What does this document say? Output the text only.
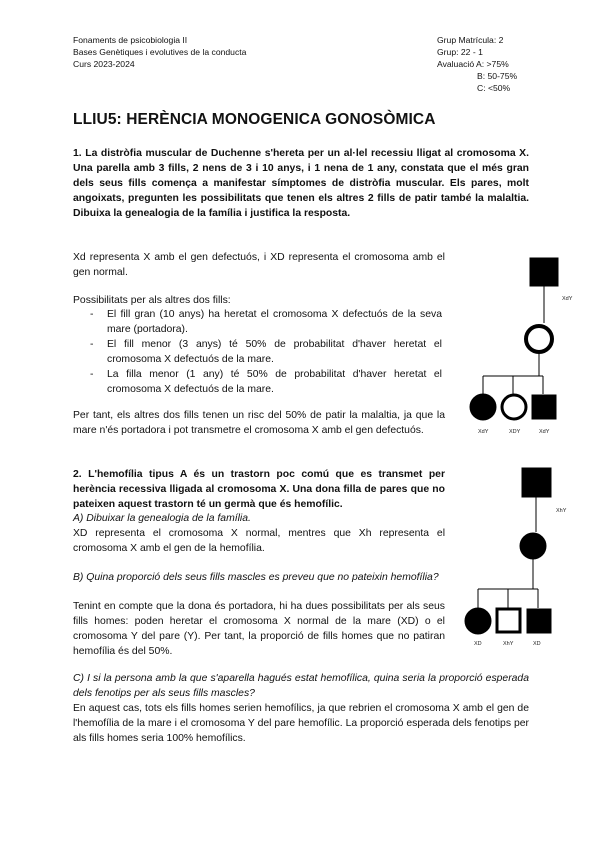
Fonaments de psicobiologia II
Bases Genètiques i evolutives de la conducta
Curs 2023-2024
Grup Matrícula: 2
Grup: 22 - 1
Avaluació A: >75%
B: 50-75%
C: <50%
LLIU5: HERÈNCIA MONOGENICA GONOSÒMICA
1. La distròfia muscular de Duchenne s'hereta per un al·lel recessiu lligat al cromosoma X. Una parella amb 3 fills, 2 nens de 3 i 10 anys, i 1 nena de 1 any, constata que el més gran dels seus fills comença a manifestar símptomes de distròfia muscular. Els pares, molt angoixats, pregunten les possibilitats que tenen els altres 2 fills de patir també la malaltia. Dibuixa la genealogia de la família i justifica la resposta.
Xd representa X amb el gen defectuós, i XD representa el cromosoma amb el gen normal.
Possibilitats per als altres dos fills:
- El fill gran (10 anys) ha heretat el cromosoma X defectuós de la seva mare (portadora).
- El fill menor (3 anys) té 50% de probabilitat d'haver heretat el cromosoma X defectuós de la mare.
- La filla menor (1 any) té 50% de probabilitat d'haver heretat el cromosoma X defectuós de la mare.
Per tant, els altres dos fills tenen un risc del 50% de patir la malaltia, ja que la mare n'és portadora i pot transmetre el cromosoma X amb el gen defectuós.
2. L'hemofília tipus A és un trastorn poc comú que es transmet per herència recessiva lligada al cromosoma X. Una dona filla de pares que no pateixen aquest trastorn té un germà que és hemofílic.
A) Dibuixar la genealogia de la família.
XD representa el cromosoma X normal, mentres que Xh representa el cromosoma X amb el gen de la hemofília.
B) Quina proporció dels seus fills mascles es preveu que no pateixin hemofília?
Tenint en compte que la dona és portadora, hi ha dues possibilitats per als seus fills homes: poden heretar el cromosoma X normal de la mare (XD) o el cromosoma Y del pare (Y). Per tant, la proporció de fills homes que no patiran hemofília és del 50%.
C) I si la persona amb la que s'aparella hagués estat hemofílica, quina seria la proporció esperada dels fenotips per als seus fills mascles?
En aquest cas, tots els fills homes serien hemofílics, ja que rebrien el cromosoma X amb el gen de l'hemofília de la mare i el cromosoma Y del pare hemofílic. La proporció esperada dels fenotips per als fills homes seria 100% hemofílics.
XdY
XdY	XDY	XdY
XhY
XD	XhY	XD
